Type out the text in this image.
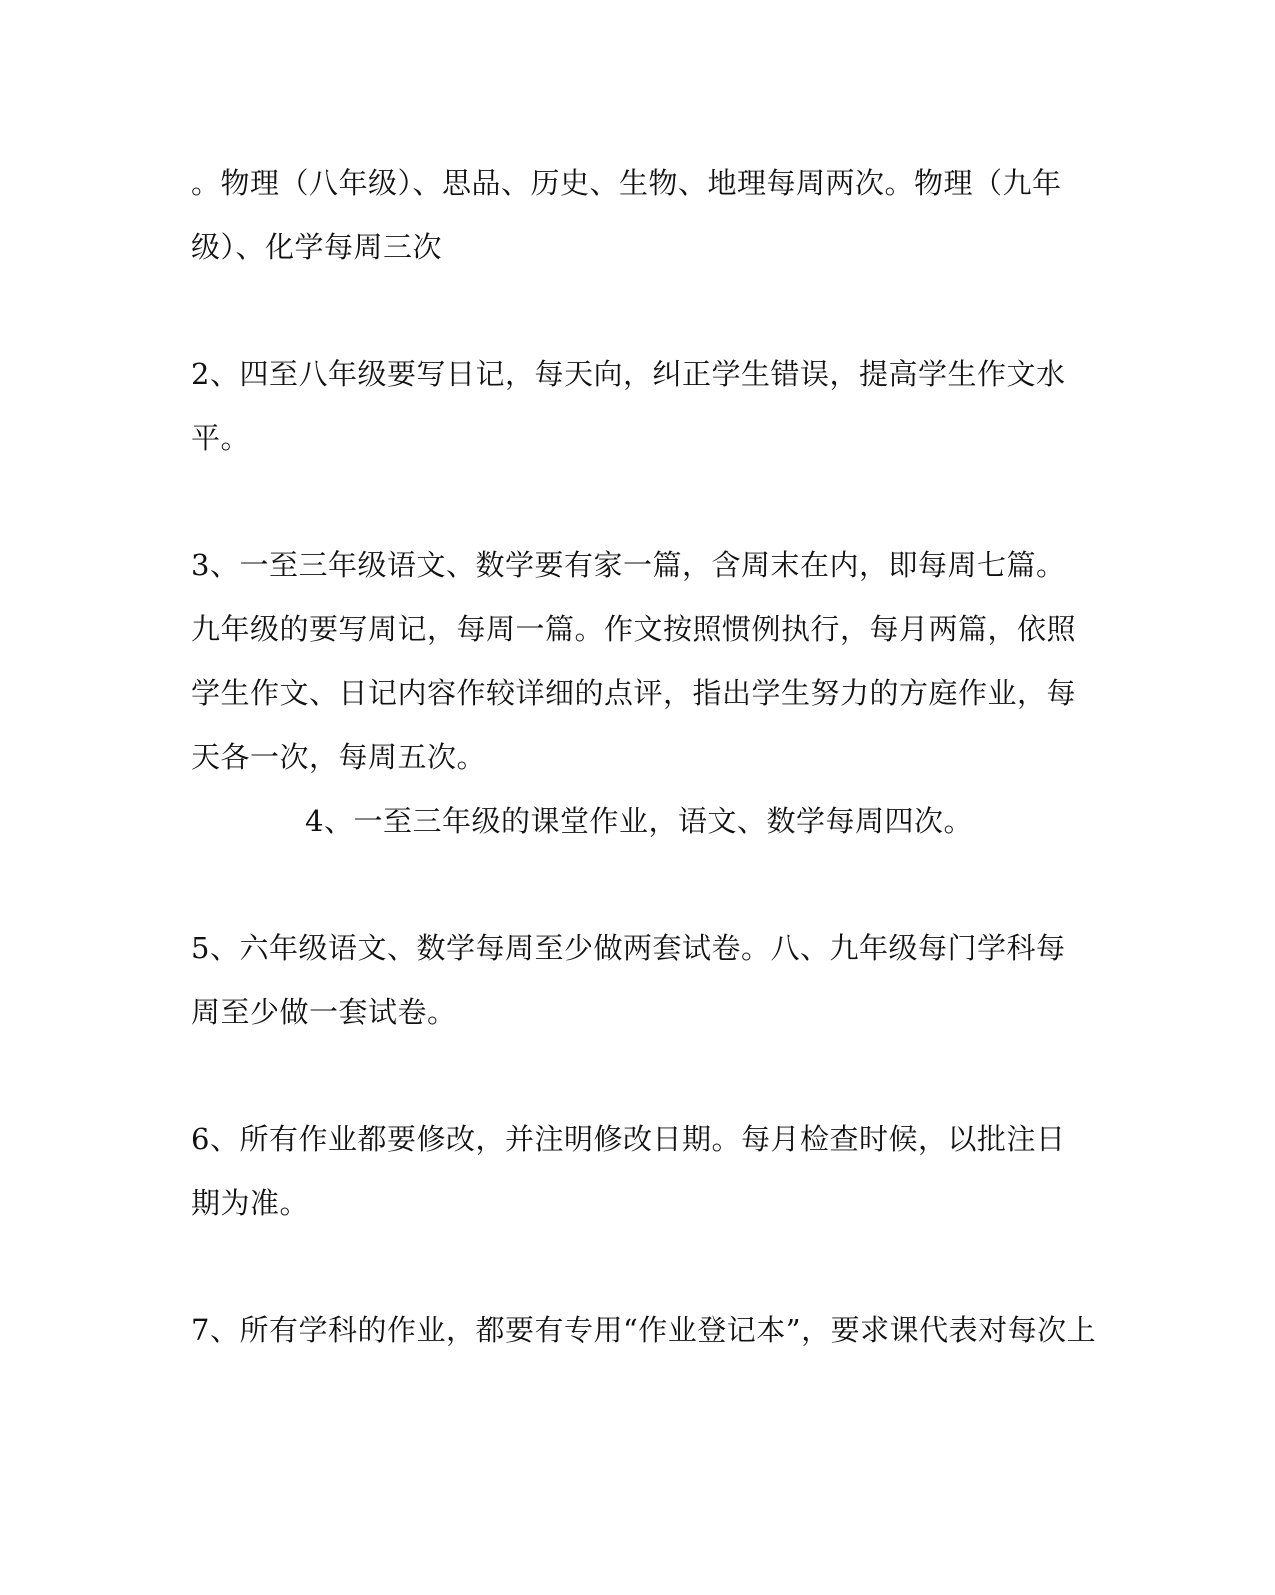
。物理（八年级）、思品、历史、生物、地理每周两次。物理（九年
级）、化学每周三次
2、四至八年级要写日记，每天向，纠正学生错误，提高学生作文水
平。
3、一至三年级语文、数学要有家一篇，含周末在内，即每周七篇。
九年级的要写周记，每周一篇。作文按照惯例执行，每月两篇，依照
学生作文、日记内容作较详细的点评，指出学生努力的方庭作业，每
天各一次，每周五次。
4、一至三年级的课堂作业，语文、数学每周四次。
5、六年级语文、数学每周至少做两套试卷。八、九年级每门学科每
周至少做一套试卷。
6、所有作业都要修改，并注明修改日期。每月检查时候，以批注日
期为准。
7、所有学科的作业，都要有专用“作业登记本”，要求课代表对每次上
